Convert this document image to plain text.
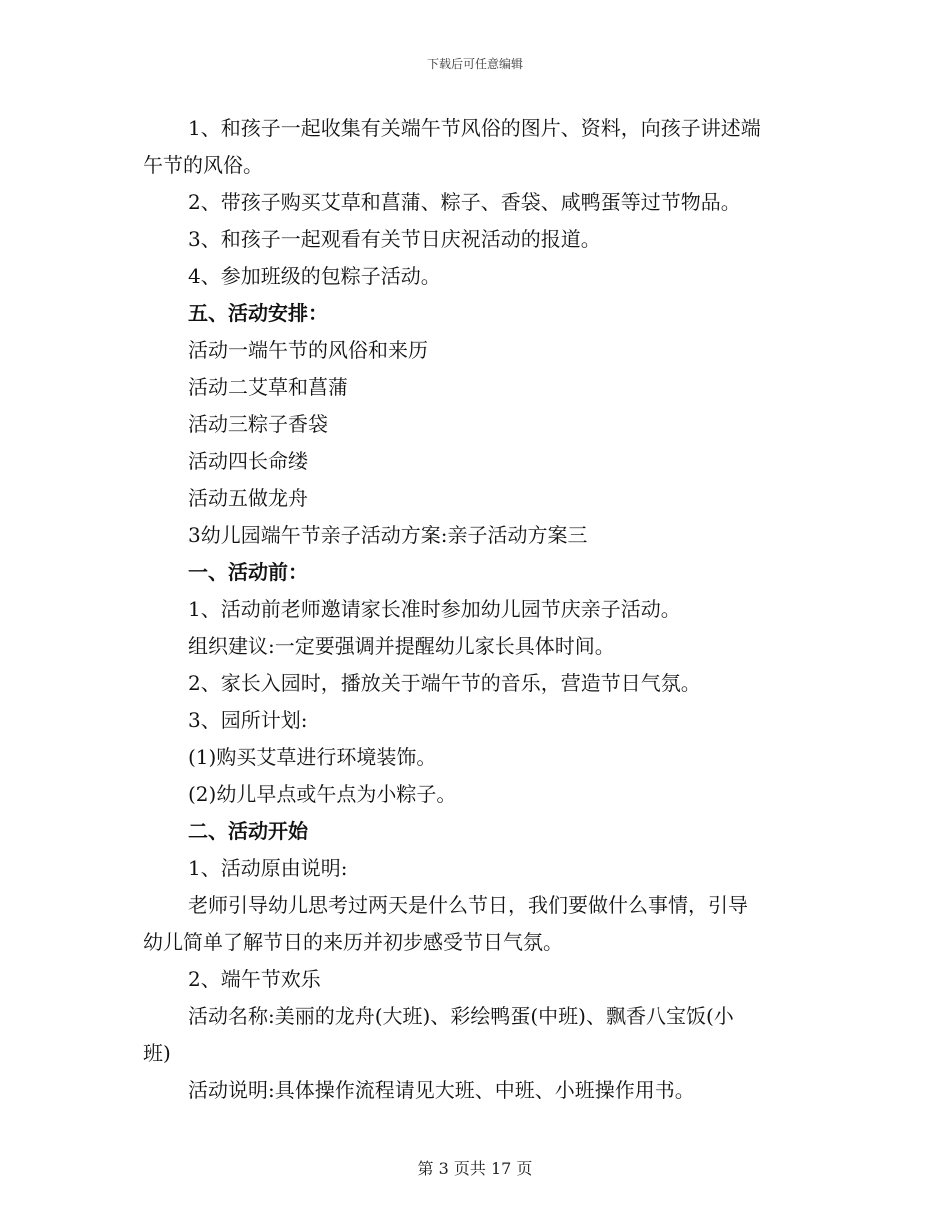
下载后可任意编辑
1、和孩子一起收集有关端午节风俗的图片、资料，向孩子讲述端
午节的风俗。
2、带孩子购买艾草和菖蒲、粽子、香袋、咸鸭蛋等过节物品。
3、和孩子一起观看有关节日庆祝活动的报道。
4、参加班级的包粽子活动。
五、活动安排：
活动一端午节的风俗和来历
活动二艾草和菖蒲
活动三粽子香袋
活动四长命缕
活动五做龙舟
3幼儿园端午节亲子活动方案:亲子活动方案三
一、活动前：
1、活动前老师邀请家长准时参加幼儿园节庆亲子活动。
组织建议:一定要强调并提醒幼儿家长具体时间。
2、家长入园时，播放关于端午节的音乐，营造节日气氛。
3、园所计划:
(1)购买艾草进行环境装饰。
(2)幼儿早点或午点为小粽子。
二、活动开始
1、活动原由说明:
老师引导幼儿思考过两天是什么节日，我们要做什么事情，引导
幼儿简单了解节日的来历并初步感受节日气氛。
2、端午节欢乐
活动名称:美丽的龙舟(大班)、彩绘鸭蛋(中班)、飘香八宝饭(小
班)
活动说明:具体操作流程请见大班、中班、小班操作用书。
第 3 页共 17 页
